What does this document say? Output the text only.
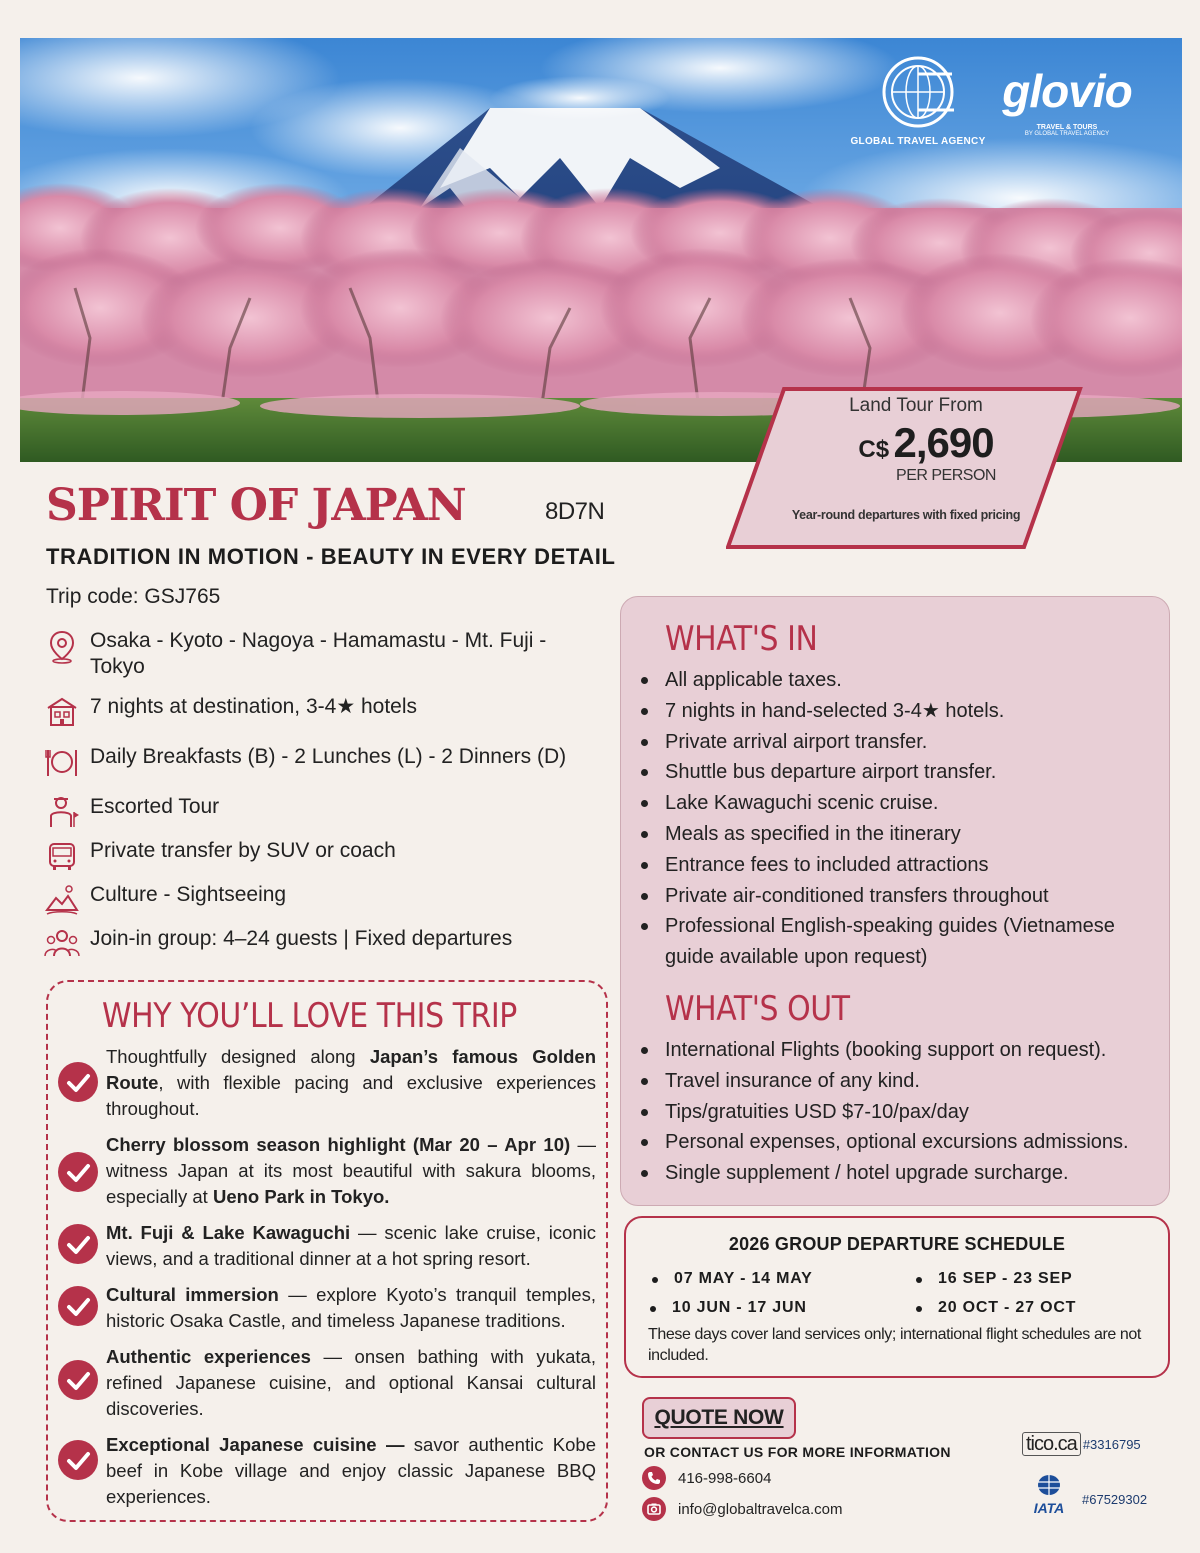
GLOBAL TRAVEL AGENCY
glovio
TRAVEL & TOURS
BY GLOBAL TRAVEL AGENCY
Land Tour From
C$ 2,690
PER PERSON
Year-round departures with fixed pricing
SPIRIT OF JAPAN	8D7N
TRADITION IN MOTION - BEAUTY IN EVERY DETAIL
Trip code: GSJ765
Osaka - Kyoto - Nagoya - Hamamastu - Mt. Fuji - Tokyo
7 nights at destination, 3-4★ hotels
Daily Breakfasts (B) - 2 Lunches (L) - 2 Dinners (D)
Escorted Tour
Private transfer by SUV or coach
Culture - Sightseeing
Join-in group: 4–24 guests | Fixed departures
WHY YOU’LL LOVE THIS TRIP
Thoughtfully designed along Japan’s famous Golden Route, with flexible pacing and exclusive experiences throughout.
Cherry blossom season highlight (Mar 20 – Apr 10) — witness Japan at its most beautiful with sakura blooms, especially at Ueno Park in Tokyo.
Mt. Fuji & Lake Kawaguchi — scenic lake cruise, iconic views, and a traditional dinner at a hot spring resort.
Cultural immersion — explore Kyoto’s tranquil temples, historic Osaka Castle, and timeless Japanese traditions.
Authentic experiences — onsen bathing with yukata, refined Japanese cuisine, and optional Kansai cultural discoveries.
Exceptional Japanese cuisine — savor authentic Kobe beef in Kobe village and enjoy classic Japanese BBQ experiences.
WHAT'S IN
All applicable taxes.
7 nights in hand-selected 3-4★ hotels.
Private arrival airport transfer.
Shuttle bus departure airport transfer.
Lake Kawaguchi scenic cruise.
Meals as specified in the itinerary
Entrance fees to included attractions
Private air-conditioned transfers throughout
Professional English-speaking guides (Vietnamese guide available upon request)
WHAT'S OUT
International Flights (booking support on request).
Travel insurance of any kind.
Tips/gratuities USD $7-10/pax/day
Personal expenses, optional excursions admissions.
Single supplement / hotel upgrade surcharge.
2026 GROUP DEPARTURE SCHEDULE
07 MAY - 14 MAY	16 SEP - 23 SEP
10 JUN - 17 JUN	20 OCT - 27 OCT
These days cover land services only; international flight schedules are not included.
QUOTE NOW
OR CONTACT US FOR MORE INFORMATION
416-998-6604
info@globaltravelca.com
tico.ca #3316795
IATA
#67529302
